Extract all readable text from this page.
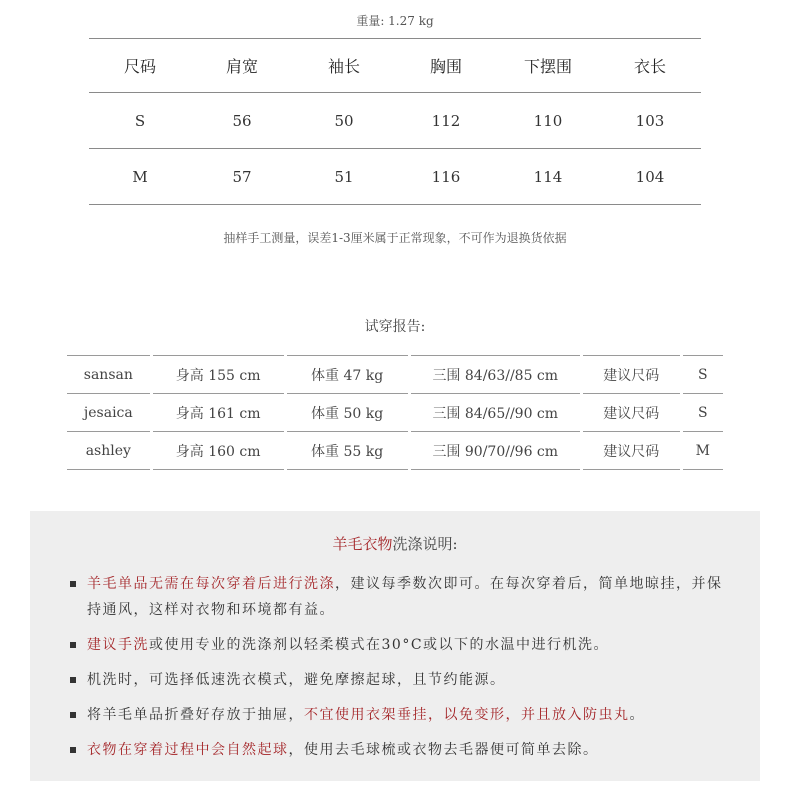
重量: 1.27 kg
尺码	肩宽	袖长	胸围	下摆围	衣长
S	56	50	112	110	103
M	57	51	116	114	104
抽样手工测量，误差1-3厘米属于正常现象，不可作为退换货依据
试穿报告:
sansan	身高 155 cm	体重 47 kg	三围 84/63//85 cm	建议尺码	S
jesaica	身高 161 cm	体重 50 kg	三围 84/65//90 cm	建议尺码	S
ashley	身高 160 cm	体重 55 kg	三围 90/70//96 cm	建议尺码	M
羊毛衣物洗涤说明:
羊毛单品无需在每次穿着后进行洗涤，建议每季数次即可。在每次穿着后，简单地晾挂，并保持通风，这样对衣物和环境都有益。
建议手洗或使用专业的洗涤剂以轻柔模式在30°C或以下的水温中进行机洗。
机洗时，可选择低速洗衣模式，避免摩擦起球，且节约能源。
将羊毛单品折叠好存放于抽屉，不宜使用衣架垂挂，以免变形，并且放入防虫丸。
衣物在穿着过程中会自然起球，使用去毛球梳或衣物去毛器便可简单去除。
